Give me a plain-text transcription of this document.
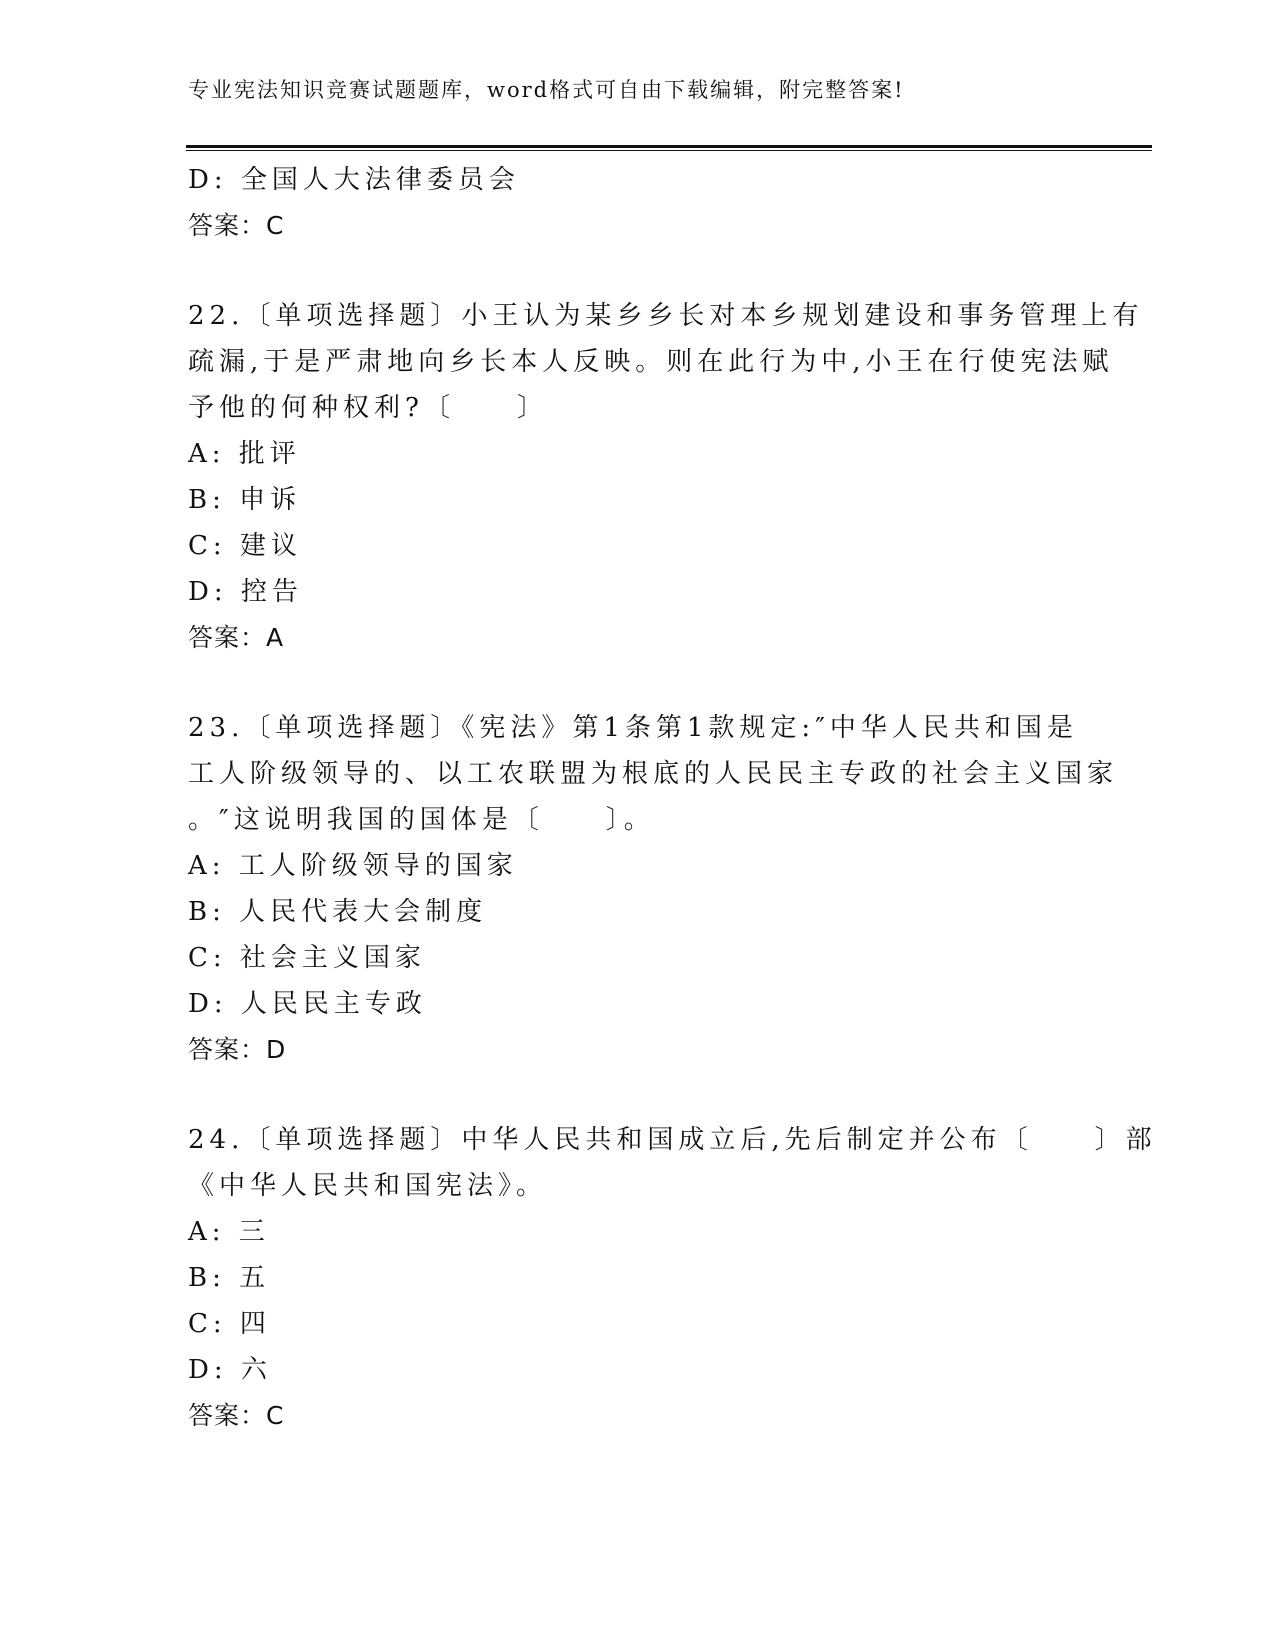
专业宪法知识竞赛试题题库，word格式可自由下载编辑，附完整答案!
D: 全国人大法律委员会
答案：C
22.〔单项选择题〕小王认为某乡乡长对本乡规划建设和事务管理上有
疏漏,于是严肃地向乡长本人反映。则在此行为中,小王在行使宪法赋
予他的何种权利?〔　　〕
A: 批评
B: 申诉
C: 建议
D: 控告
答案：A
23.〔单项选择题〕《宪法》第1条第1款规定:″中华人民共和国是
工人阶级领导的、以工农联盟为根底的人民民主专政的社会主义国家
。″这说明我国的国体是〔　　〕。
A: 工人阶级领导的国家
B: 人民代表大会制度
C: 社会主义国家
D: 人民民主专政
答案：D
24.〔单项选择题〕中华人民共和国成立后,先后制定并公布〔　　〕部
《中华人民共和国宪法》。
A: 三
B: 五
C: 四
D: 六
答案：C
